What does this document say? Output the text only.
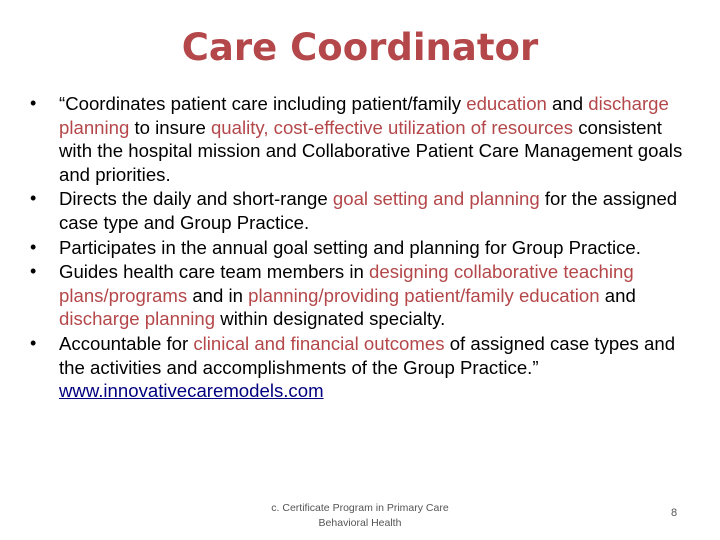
Care Coordinator
• “Coordinates patient care including patient/family education and discharge planning to insure quality, cost-effective utilization of resources consistent with the hospital mission and Collaborative Patient Care Management goals and priorities.
• Directs the daily and short-range goal setting and planning for the assigned case type and Group Practice.
• Participates in the annual goal setting and planning for Group Practice.
• Guides health care team members in designing collaborative teaching plans/programs and in planning/providing patient/family education and discharge planning within designated specialty.
• Accountable for clinical and financial outcomes of assigned case types and the activities and accomplishments of the Group Practice.” www.innovativecaremodels.com
c. Certificate Program in Primary Care Behavioral Health
8
